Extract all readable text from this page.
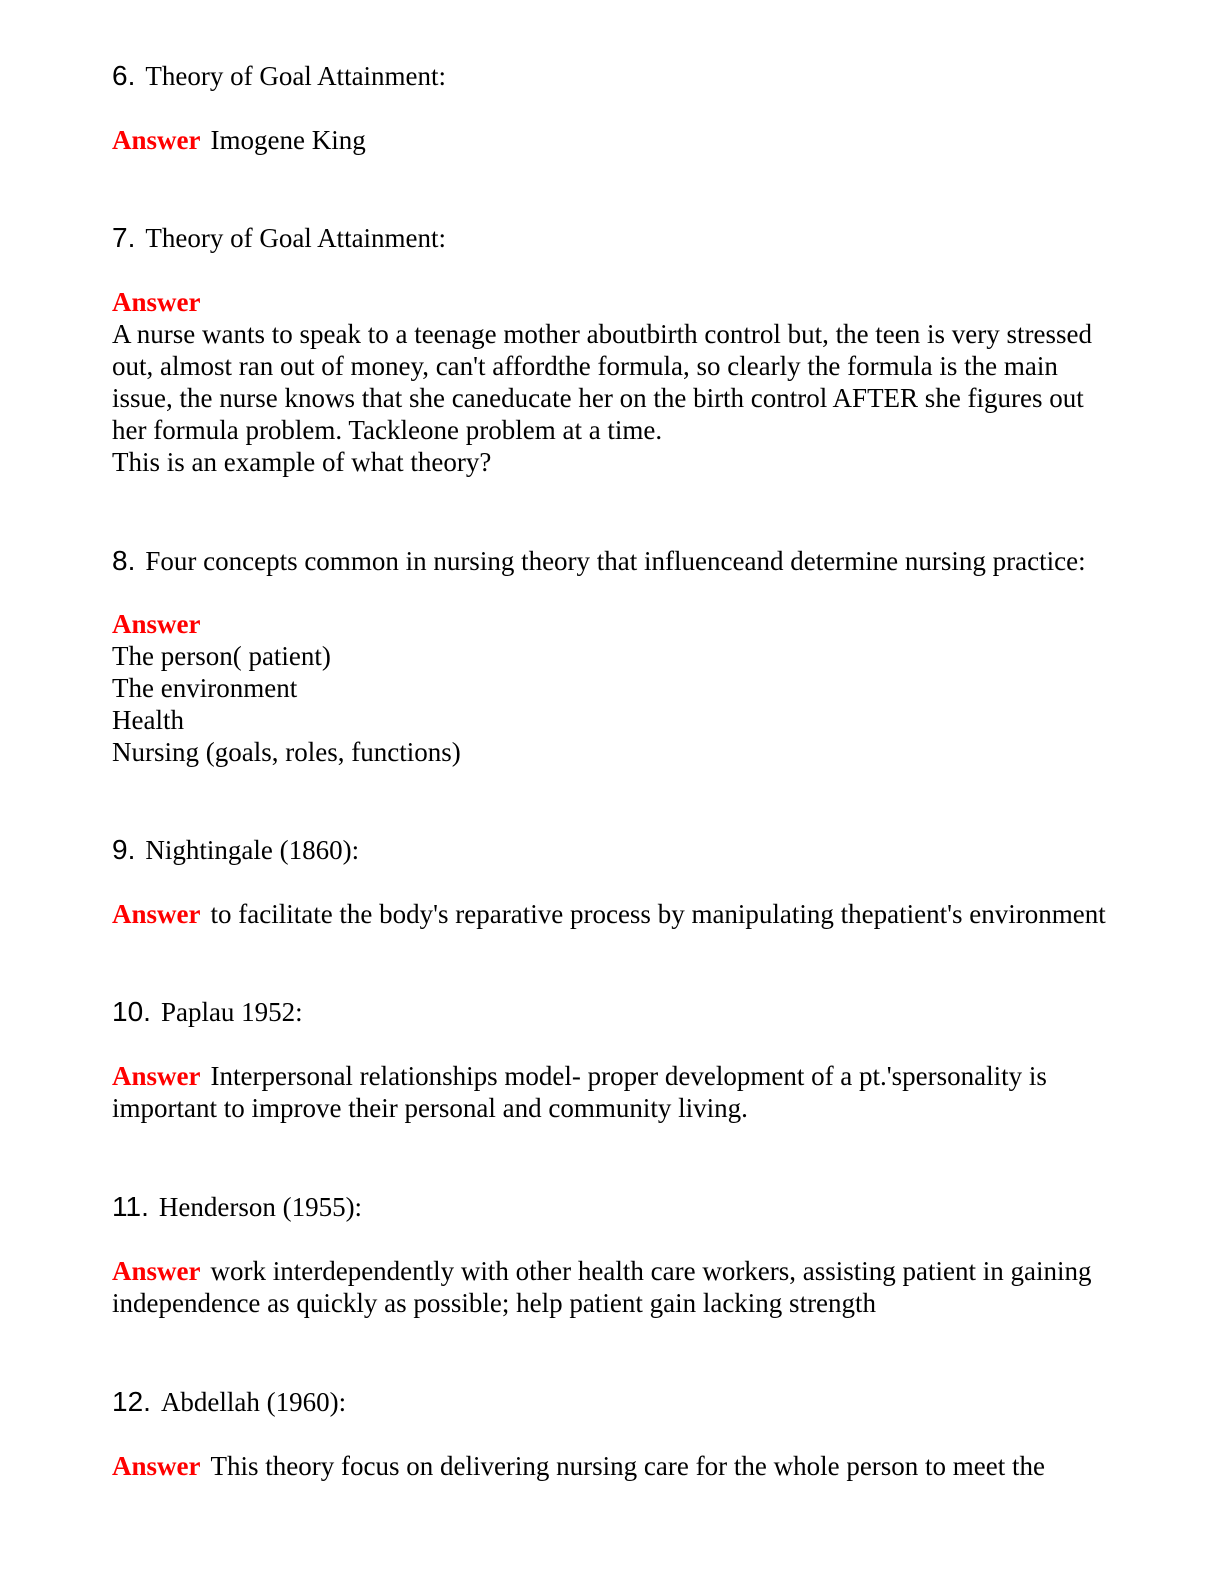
6. Theory of Goal Attainment:
Answer Imogene King
7. Theory of Goal Attainment:
Answer
A nurse wants to speak to a teenage mother aboutbirth control but, the teen is very stressed
out, almost ran out of money, can't affordthe formula, so clearly the formula is the main
issue, the nurse knows that she caneducate her on the birth control AFTER she figures out
her formula problem. Tackleone problem at a time.
This is an example of what theory?
8. Four concepts common in nursing theory that influenceand determine nursing practice:
Answer
The person( patient)
The environment
Health
Nursing (goals, roles, functions)
9. Nightingale (1860):
Answer to facilitate the body's reparative process by manipulating thepatient's environment
10. Paplau 1952:
Answer Interpersonal relationships model- proper development of a pt.'spersonality is
important to improve their personal and community living.
11. Henderson (1955):
Answer work interdependently with other health care workers, assisting patient in gaining
independence as quickly as possible; help patient gain lacking strength
12. Abdellah (1960):
Answer This theory focus on delivering nursing care for the whole person to meet the
